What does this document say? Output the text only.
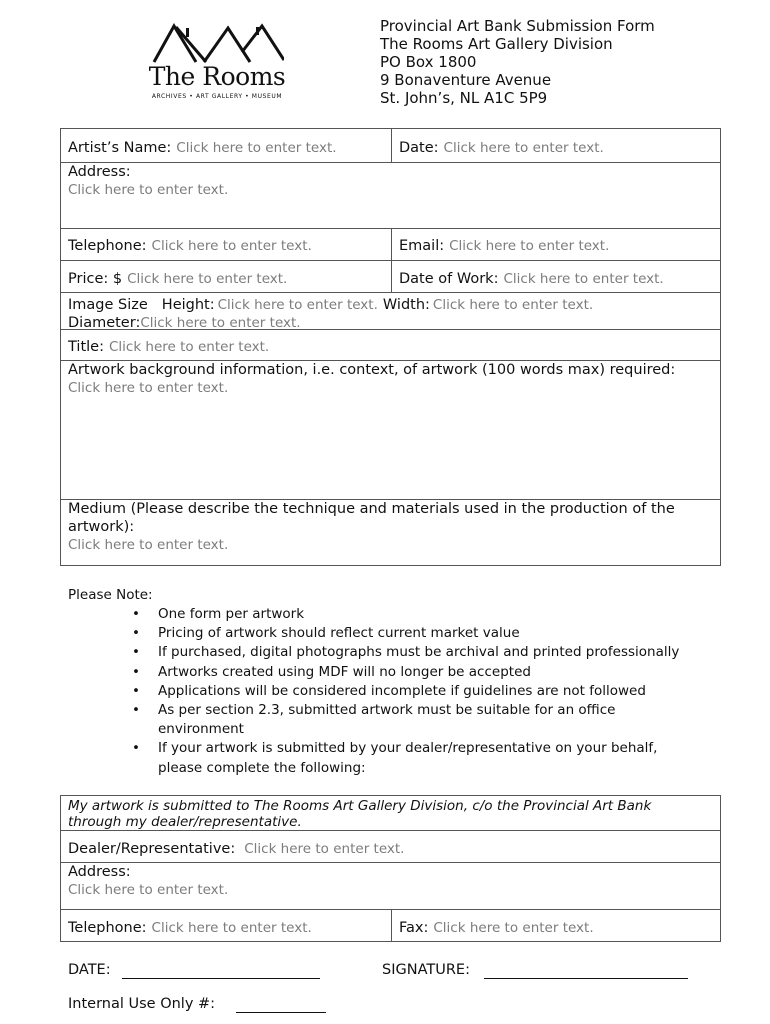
The Rooms
ARCHIVES • ART GALLERY • MUSEUM
Provincial Art Bank Submission Form
The Rooms Art Gallery Division
PO Box 1800
9 Bonaventure Avenue
St. John’s, NL A1C 5P9
Artist’s Name: Click here to enter text.	Date: Click here to enter text.
Address:
Click here to enter text.
Telephone: Click here to enter text.	Email: Click here to enter text.
Price: $ Click here to enter text.	Date of Work: Click here to enter text.
Image Size Height: Click here to enter text. Width: Click here to enter text.
Diameter:Click here to enter text.
Title: Click here to enter text.
Artwork background information, i.e. context, of artwork (100 words max) required:
Click here to enter text.
Medium (Please describe the technique and materials used in the production of the
artwork):
Click here to enter text.
Please Note:
• One form per artwork
• Pricing of artwork should reflect current market value
• If purchased, digital photographs must be archival and printed professionally
• Artworks created using MDF will no longer be accepted
• Applications will be considered incomplete if guidelines are not followed
• As per section 2.3, submitted artwork must be suitable for an office
environment
• If your artwork is submitted by your dealer/representative on your behalf,
please complete the following:
My artwork is submitted to The Rooms Art Gallery Division, c/o the Provincial Art Bank
through my dealer/representative.
Dealer/Representative: Click here to enter text.
Address:
Click here to enter text.
Telephone: Click here to enter text.	Fax: Click here to enter text.
DATE:	SIGNATURE:
Internal Use Only #:
